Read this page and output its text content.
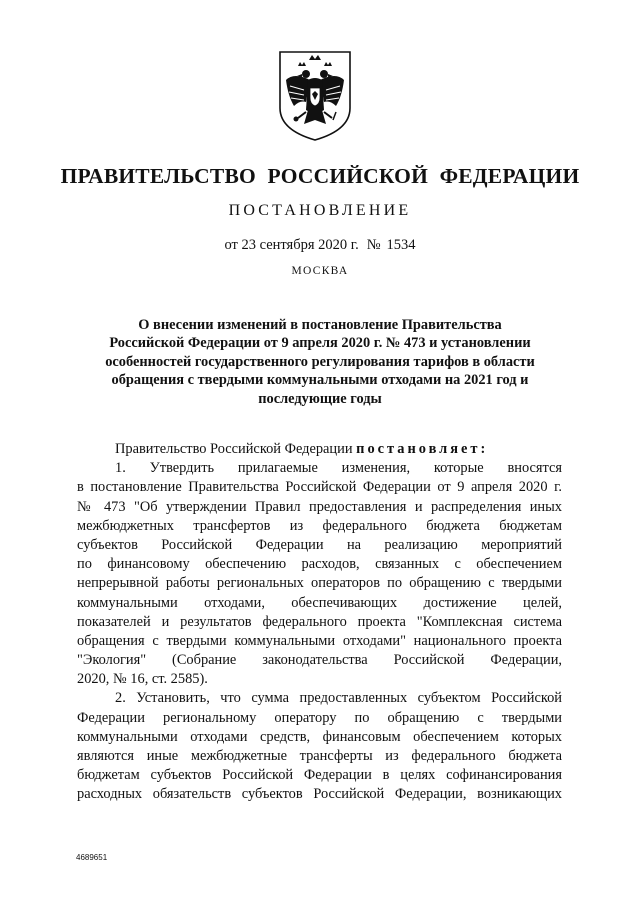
ПРАВИТЕЛЬСТВО РОССИЙСКОЙ ФЕДЕРАЦИИ
ПОСТАНОВЛЕНИЕ
от 23 сентября 2020 г. № 1534
МОСКВА
О внесении изменений в постановление Правительства
Российской Федерации от 9 апреля 2020 г. № 473 и установлении
особенностей государственного регулирования тарифов в области
обращения с твердыми коммунальными отходами на 2021 год и
последующие годы
Правительство Российской Федерации постановляет:
1. Утвердить прилагаемые изменения, которые вносятся
в постановление Правительства Российской Федерации от 9 апреля 2020 г.
№ 473 "Об утверждении Правил предоставления и распределения иных
межбюджетных трансфертов из федерального бюджета бюджетам
субъектов Российской Федерации на реализацию мероприятий
по финансовому обеспечению расходов, связанных с обеспечением
непрерывной работы региональных операторов по обращению с твердыми
коммунальными отходами, обеспечивающих достижение целей,
показателей и результатов федерального проекта "Комплексная система
обращения с твердыми коммунальными отходами" национального проекта
"Экология" (Собрание законодательства Российской Федерации,
2020, № 16, ст. 2585).
2. Установить, что сумма предоставленных субъектом Российской
Федерации региональному оператору по обращению с твердыми
коммунальными отходами средств, финансовым обеспечением которых
являются иные межбюджетные трансферты из федерального бюджета
бюджетам субъектов Российской Федерации в целях софинансирования
расходных обязательств субъектов Российской Федерации, возникающих
4689651
